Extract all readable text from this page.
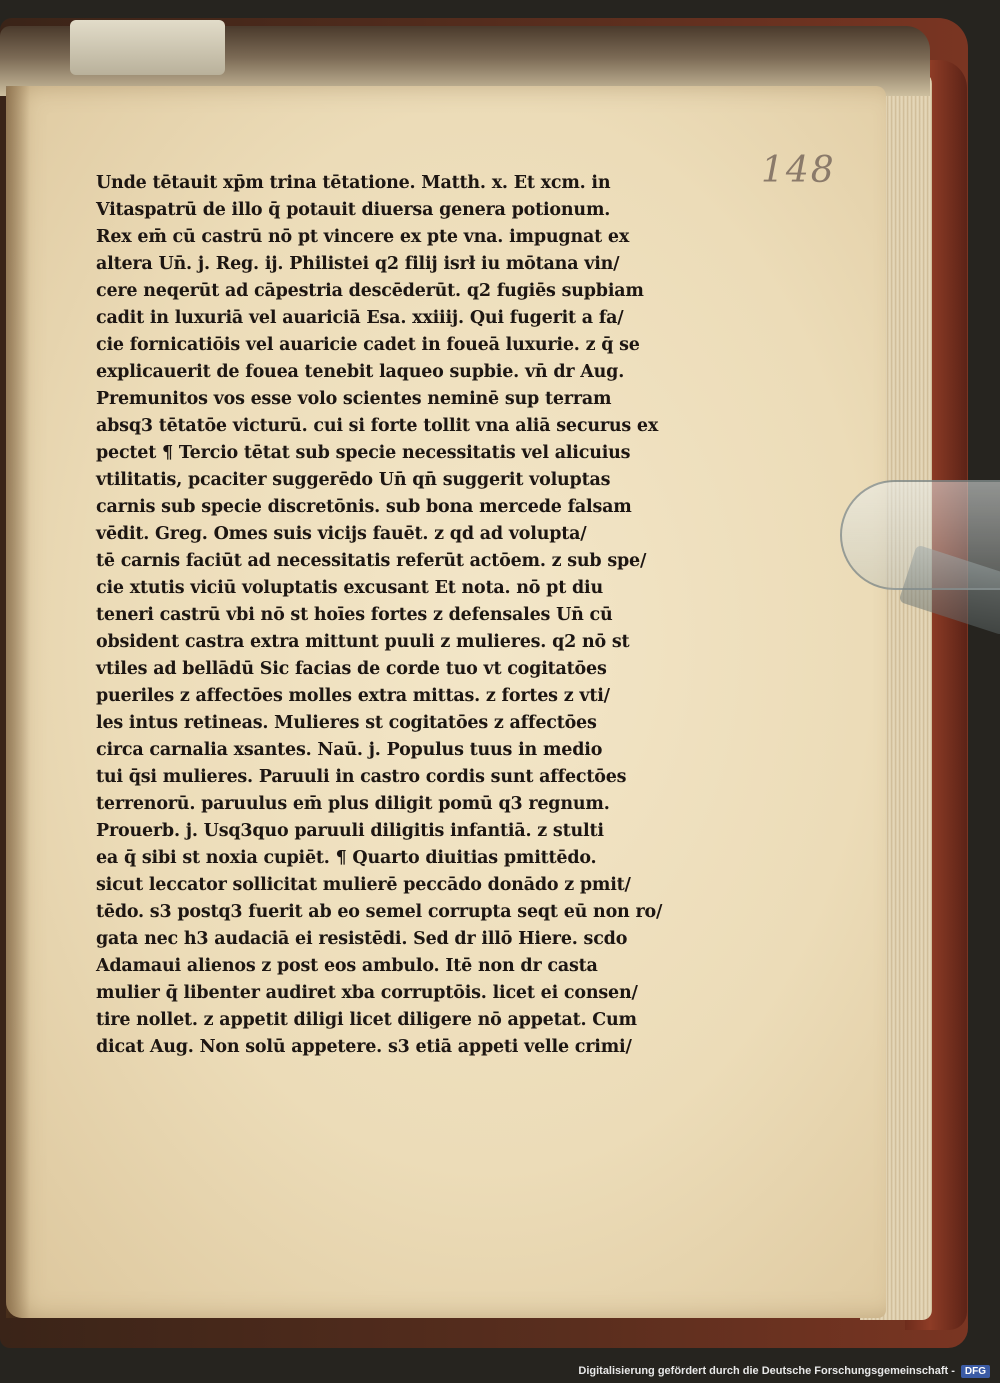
148
Unde tētauit xp̄m trina tētatione. Matth. x. Et xcm. in
Vitaspatrū de illo q̄ potauit diuersa genera potionum.
Rex em̄ cū castrū nō pt vincere ex pte vna. impugnat ex
altera Un̄. j. Reg. ij. Philistei q2 filij isrł iu mōtana vin/
cere neqerūt ad cāpestria descēderūt. q2 fugiēs supbiam
cadit in luxuriā vel auariciā Esa. xxiiij. Qui fugerit a fa/
cie fornicatiōis vel auaricie cadet in foueā luxurie. z q̄ se
explicauerit de fouea tenebit laqueo supbie. vn̄ dr Aug.
Premunitos vos esse volo scientes neminē sup terram
absq3 tētatōe victurū. cui si forte tollit vna aliā securus ex
pectet ¶ Tercio tētat sub specie necessitatis vel alicuius
vtilitatis, pcaciter suggerēdo Un̄ qn̄ suggerit voluptas
carnis sub specie discretōnis. sub bona mercede falsam
vēdit. Greg. Omes suis vicijs fauēt. z qd ad volupta/
tē carnis faciūt ad necessitatis referūt actōem. z sub spe/
cie xtutis viciū voluptatis excusant Et nota. nō pt diu
teneri castrū vbi nō st hoīes fortes z defensales Un̄ cū
obsident castra extra mittunt puuli z mulieres. q2 nō st
vtiles ad bellādū Sic facias de corde tuo vt cogitatōes
pueriles z affectōes molles extra mittas. z fortes z vti/
les intus retineas. Mulieres st cogitatōes z affectōes
circa carnalia xsantes. Naū. j. Populus tuus in medio
tui q̄si mulieres. Paruuli in castro cordis sunt affectōes
terrenorū. paruulus em̄ plus diligit pomū q3 regnum.
Prouerb. j. Usq3quo paruuli diligitis infantiā. z stulti
ea q̄ sibi st noxia cupiēt. ¶ Quarto diuitias pmittēdo.
sicut leccator sollicitat mulierē peccādo donādo z pmit/
tēdo. s3 postq3 fuerit ab eo semel corrupta seqt eū non ro/
gata nec h3 audaciā ei resistēdi. Sed dr illō Hiere. scdo
Adamaui alienos z post eos ambulo. Itē non dr casta
mulier q̄ libenter audiret xba corruptōis. licet ei consen/
tire nollet. z appetit diligi licet diligere nō appetat. Cum
dicat Aug. Non solū appetere. s3 etiā appeti velle crimi/
Digitalisierung gefördert durch die Deutsche Forschungsgemeinschaft -	DFG
